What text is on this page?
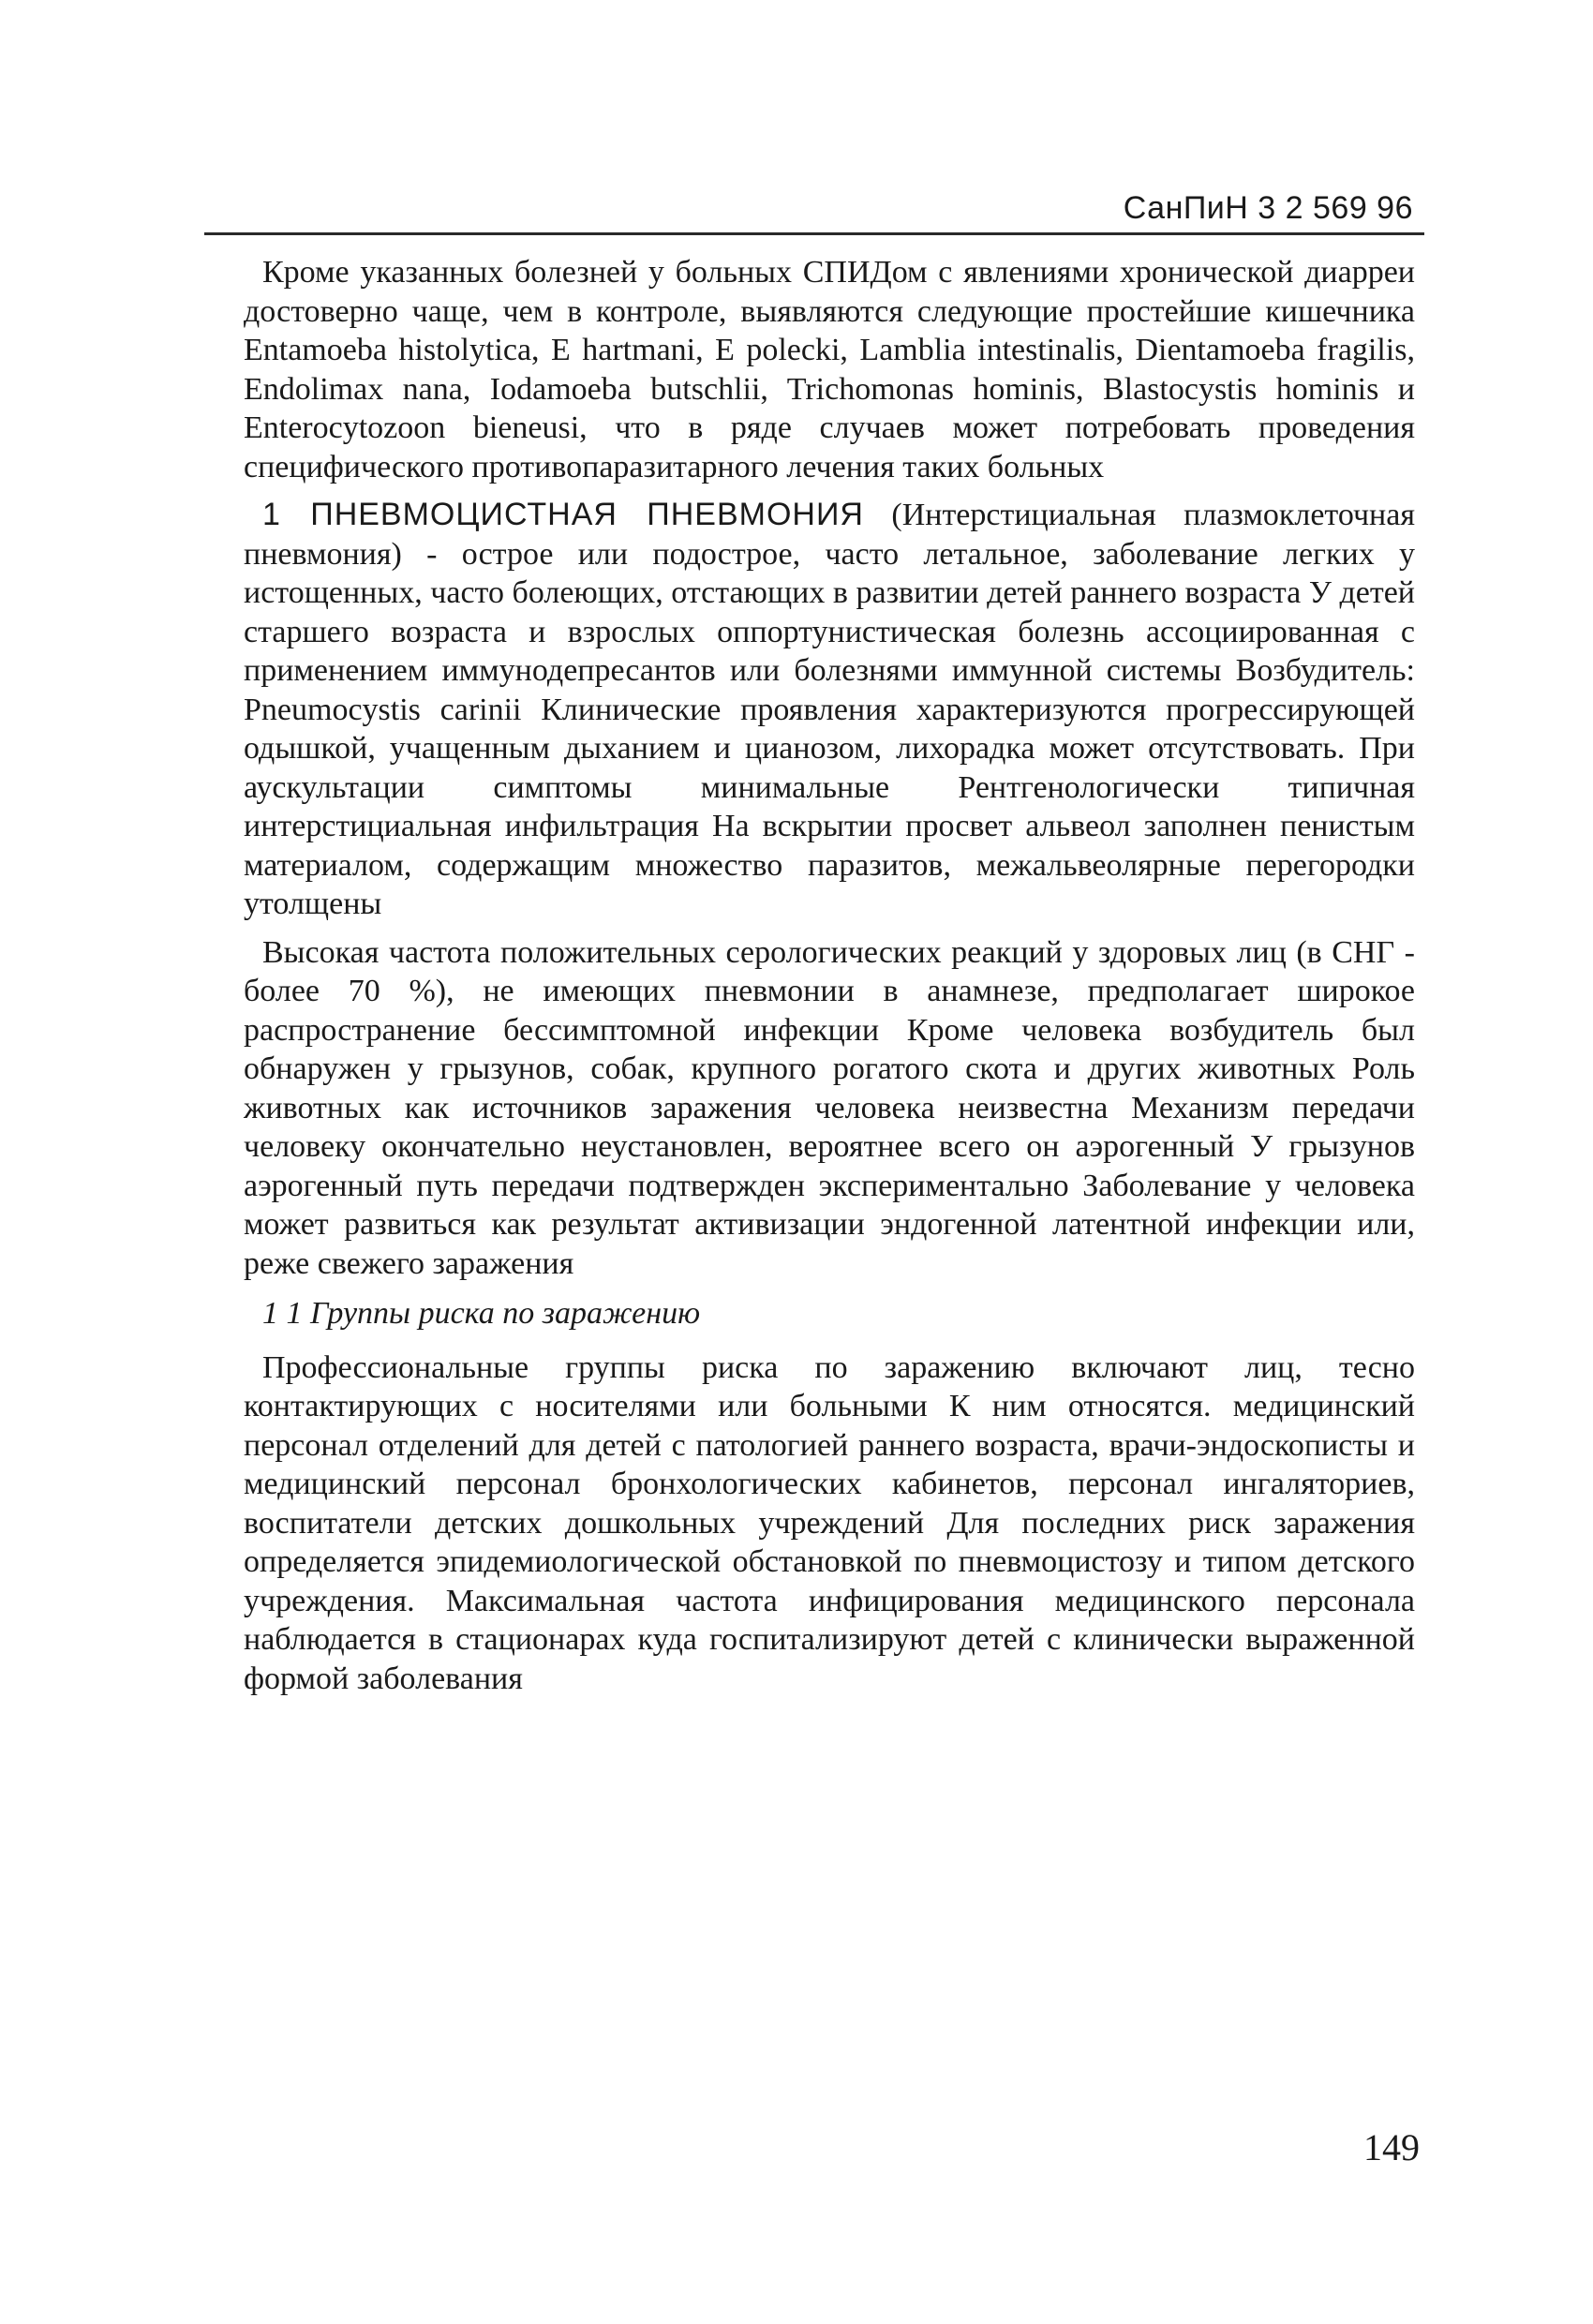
СанПиН 3 2 569 96

Кроме указанных болезней у больных СПИДом с явлениями хронической диарреи достоверно чаще, чем в контроле, выявляются следующие простейшие кишечника Entamoeba histolytica, E hartmani, E polecki, Lamblia intestinalis, Dientamoeba fragilis, Endolimax nana, Iodamoeba butschlii, Trichomonas hominis, Blastocystis hominis и Enterocytozoon bieneusi, что в ряде случаев может потребовать проведения специфического противопаразитарного лечения таких больных

1 ПНЕВМОЦИСТНАЯ ПНЕВМОНИЯ (Интерстициальная плазмоклеточная пневмония) - острое или подострое, часто летальное, заболевание легких у истощенных, часто болеющих, отстающих в развитии детей раннего возраста У детей старшего возраста и взрослых оппортунистическая болезнь ассоциированная с применением иммунодепресантов или болезнями иммунной системы Возбудитель: Pneumocystis carinii Клинические проявления характеризуются прогрессирующей одышкой, учащенным дыханием и цианозом, лихорадка может отсутствовать. При аускультации симптомы минимальные Рентгенологически типичная интерстициальная инфильтрация На вскрытии просвет альвеол заполнен пенистым материалом, содержащим множество паразитов, межальвеолярные перегородки утолщены

Высокая частота положительных серологических реакций у здоровых лиц (в СНГ - более 70 %), не имеющих пневмонии в анамнезе, предполагает широкое распространение бессимптомной инфекции Кроме человека возбудитель был обнаружен у грызунов, собак, крупного рогатого скота и других животных Роль животных как источников заражения человека неизвестна Механизм передачи человеку окончательно неустановлен, вероятнее всего он аэрогенный У грызунов аэрогенный путь передачи подтвержден экспериментально Заболевание у человека может развиться как результат активизации эндогенной латентной инфекции или, реже свежего заражения

1 1 Группы риска по заражению

Профессиональные группы риска по заражению включают лиц, тесно контактирующих с носителями или больными К ним относятся. медицинский персонал отделений для детей с патологией раннего возраста, врачи-эндоскописты и медицинский персонал бронхологических кабинетов, персонал ингаляториев, воспитатели детских дошкольных учреждений Для последних риск заражения определяется эпидемиологической обстановкой по пневмоцистозу и типом детского учреждения. Максимальная частота инфицирования медицинского персонала наблюдается в стационарах куда госпитализируют детей с клинически выраженной формой заболевания

149
